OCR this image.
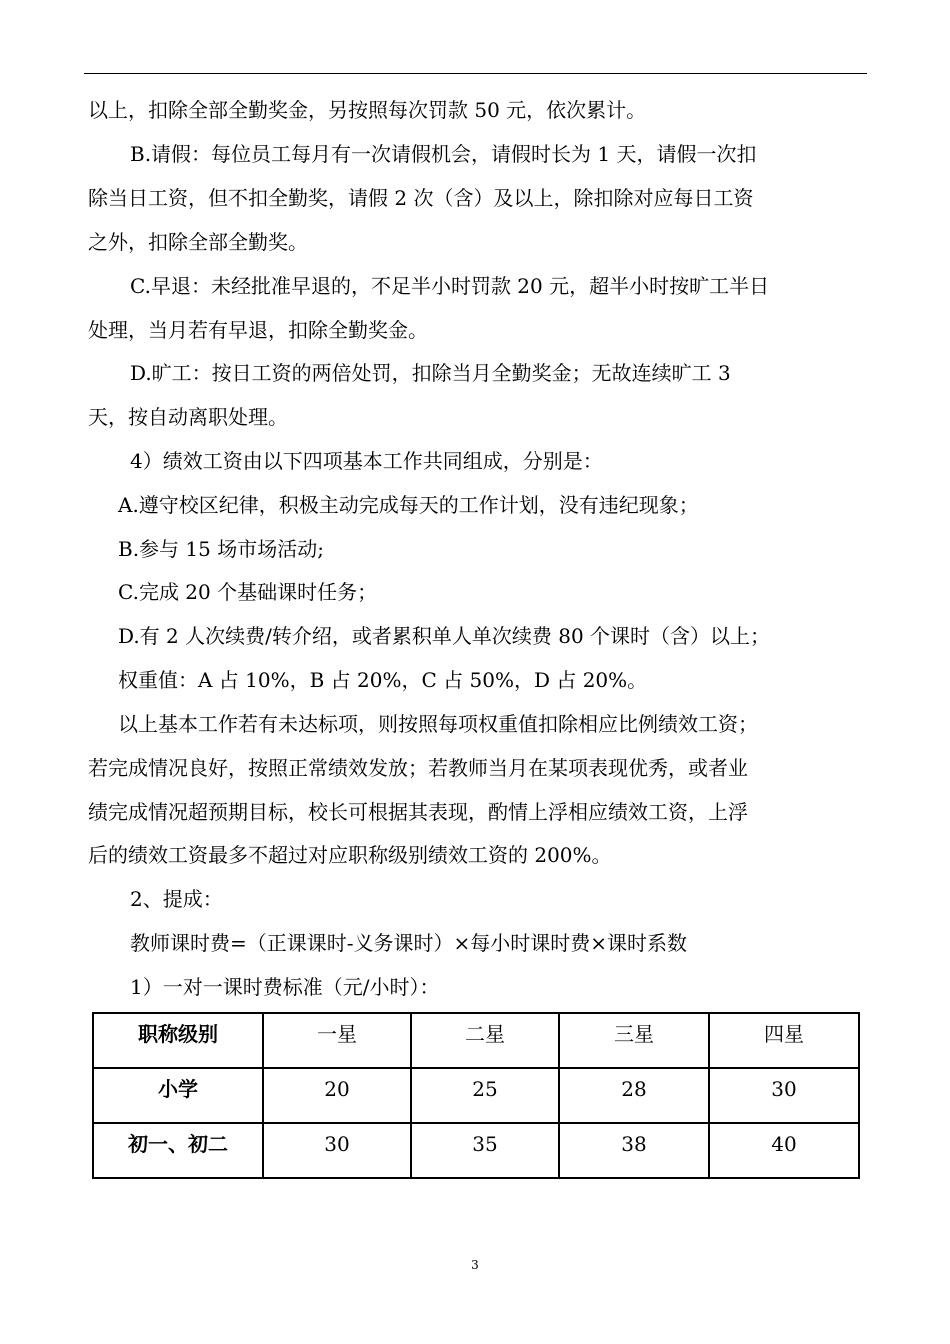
以上，扣除全部全勤奖金，另按照每次罚款 50 元，依次累计。
B.请假：每位员工每月有一次请假机会，请假时长为 1 天，请假一次扣
除当日工资，但不扣全勤奖，请假 2 次（含）及以上，除扣除对应每日工资
之外，扣除全部全勤奖。
C.早退：未经批准早退的，不足半小时罚款 20 元，超半小时按旷工半日
处理，当月若有早退，扣除全勤奖金。
D.旷工：按日工资的两倍处罚，扣除当月全勤奖金；无故连续旷工 3
天，按自动离职处理。
4）绩效工资由以下四项基本工作共同组成，分别是：
A.遵守校区纪律，积极主动完成每天的工作计划，没有违纪现象；
B.参与 15 场市场活动;
C.完成 20 个基础课时任务；
D.有 2 人次续费/转介绍，或者累积单人单次续费 80 个课时（含）以上；
权重值：A 占 10%，B 占 20%，C 占 50%，D 占 20%。
以上基本工作若有未达标项，则按照每项权重值扣除相应比例绩效工资；
若完成情况良好，按照正常绩效发放；若教师当月在某项表现优秀，或者业
绩完成情况超预期目标，校长可根据其表现，酌情上浮相应绩效工资，上浮
后的绩效工资最多不超过对应职称级别绩效工资的 200%。
2、提成：
教师课时费=（正课课时-义务课时）×每小时课时费×课时系数
1）一对一课时费标准（元/小时）：
职称级别	一星	二星	三星	四星
小学	20	25	28	30
初一、初二	30	35	38	40
3
